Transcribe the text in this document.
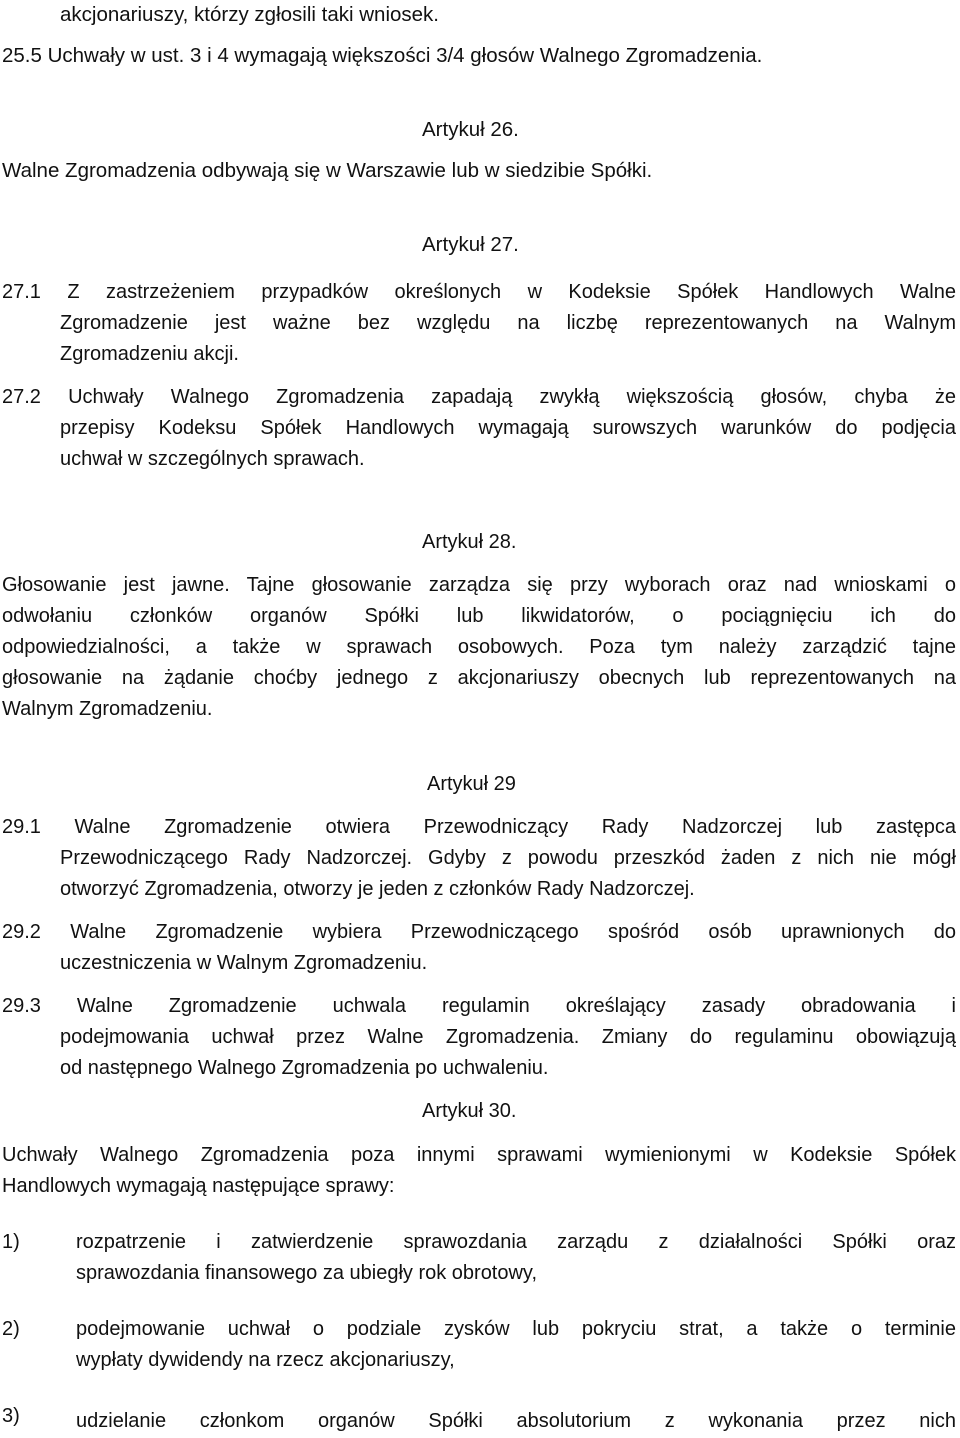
akcjonariuszy, którzy zgłosili taki wniosek.
25.5 Uchwały w ust. 3 i 4 wymagają większości 3/4 głosów Walnego Zgromadzenia.
Artykuł 26.
Walne Zgromadzenia odbywają się w Warszawie lub w siedzibie Spółki.
Artykuł 27.
27.1 Z zastrzeżeniem przypadków określonych w Kodeksie Spółek Handlowych Walne
Zgromadzenie jest ważne bez względu na liczbę reprezentowanych na Walnym
Zgromadzeniu akcji.
27.2 Uchwały Walnego Zgromadzenia zapadają zwykłą większością głosów, chyba że
przepisy Kodeksu Spółek Handlowych wymagają surowszych warunków do podjęcia
uchwał w szczególnych sprawach.
Artykuł 28.
Głosowanie jest jawne. Tajne głosowanie zarządza się przy wyborach oraz nad wnioskami o
odwołaniu członków organów Spółki lub likwidatorów, o pociągnięciu ich do
odpowiedzialności, a także w sprawach osobowych. Poza tym należy zarządzić tajne
głosowanie na żądanie choćby jednego z akcjonariuszy obecnych lub reprezentowanych na
Walnym Zgromadzeniu.
Artykuł 29
29.1 Walne Zgromadzenie otwiera Przewodniczący Rady Nadzorczej lub zastępca
Przewodniczącego Rady Nadzorczej. Gdyby z powodu przeszkód żaden z nich nie mógł
otworzyć Zgromadzenia, otworzy je jeden z członków Rady Nadzorczej.
29.2 Walne Zgromadzenie wybiera Przewodniczącego spośród osób uprawnionych do
uczestniczenia w Walnym Zgromadzeniu.
29.3 Walne Zgromadzenie uchwala regulamin określający zasady obradowania i
podejmowania uchwał przez Walne Zgromadzenia. Zmiany do regulaminu obowiązują
od następnego Walnego Zgromadzenia po uchwaleniu.
Artykuł 30.
Uchwały Walnego Zgromadzenia poza innymi sprawami wymienionymi w Kodeksie Spółek
Handlowych wymagają następujące sprawy:
1)	rozpatrzenie i zatwierdzenie sprawozdania zarządu z działalności Spółki oraz
sprawozdania finansowego za ubiegły rok obrotowy,
2)	podejmowanie uchwał o podziale zysków lub pokryciu strat, a także o terminie
wypłaty dywidendy na rzecz akcjonariuszy,
3)	udzielanie członkom organów Spółki absolutorium z wykonania przez nich
